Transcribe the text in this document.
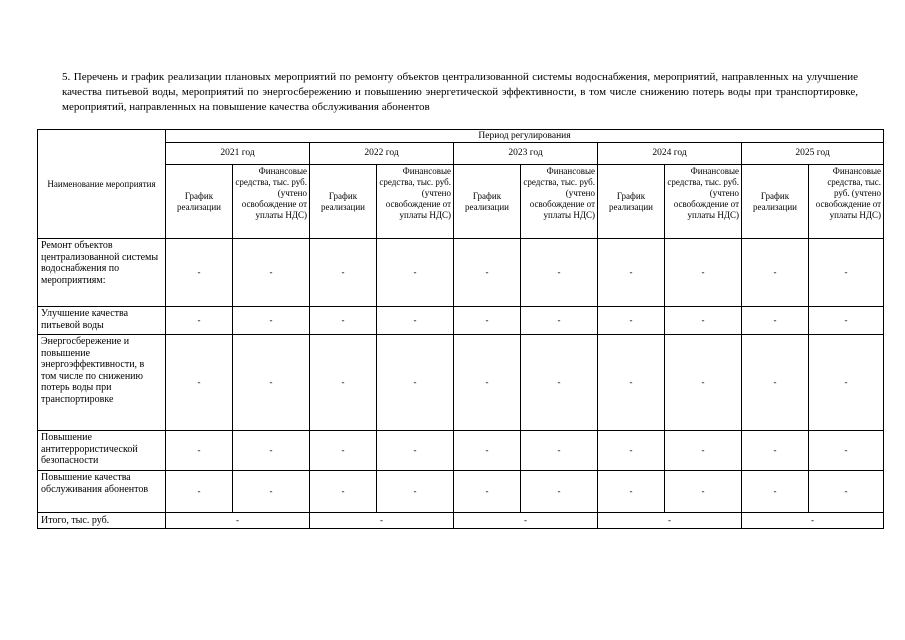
5. Перечень и график реализации плановых мероприятий по ремонту объектов централизованной системы водоснабжения, мероприятий, направленных на улучшение качества питьевой воды, мероприятий по энергосбережению и повышению энергетической эффективности, в том числе снижению потерь воды при транспортировке, мероприятий, направленных на повышение качества обслуживания абонентов
Наименование мероприятия	Период регулирования									
	2021 год		2022 год		2023 год		2024 год		2025 год	
	График реализации	Финансовые средства, тыс. руб. (учтено освобождение от уплаты НДС)	График реализации	Финансовые средства, тыс. руб. (учтено освобождение от уплаты НДС)	График реализации	Финансовые средства, тыс. руб. (учтено освобождение от уплаты НДС)	График реализации	Финансовые средства, тыс. руб. (учтено освобождение от уплаты НДС)	График реализации	Финансовые средства, тыс. руб. (учтено освобождение от уплаты НДС)
Ремонт объектов централизованной системы водоснабжения по мероприятиям:	-	-	-	-	-	-	-	-	-	-
Улучшение качества питьевой воды	-	-	-	-	-	-	-	-	-	-
Энергосбережение и повышение энергоэффективности, в том числе по снижению потерь воды при транспортировке	-	-	-	-	-	-	-	-	-	-
Повышение антитеррористической безопасности	-	-	-	-	-	-	-	-	-	-
Повышение качества обслуживания абонентов	-	-	-	-	-	-	-	-	-	-
Итого, тыс. руб.	-		-		-		-		-	
